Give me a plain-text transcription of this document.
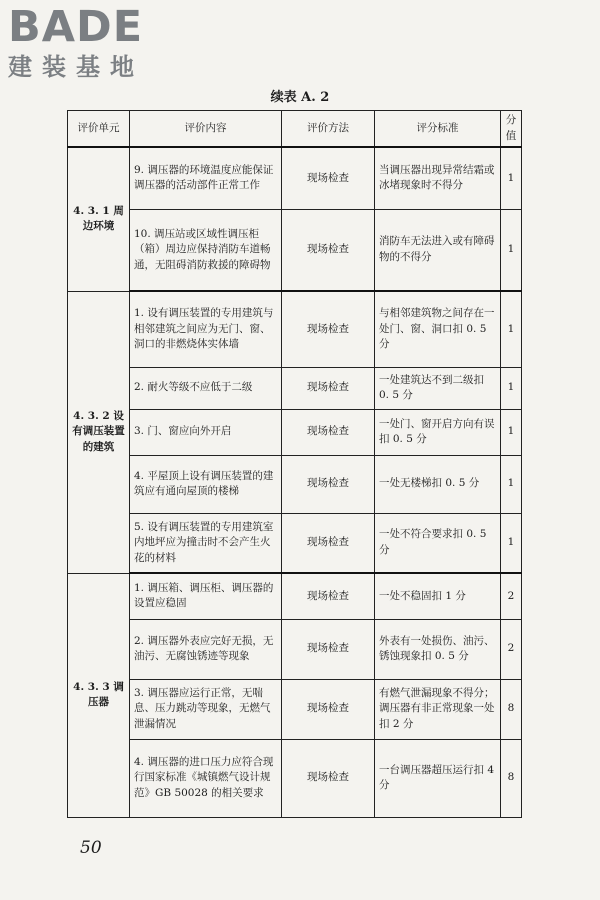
BADE
建装基地
续表 A. 2
评价单元	评价内容	评价方法	评分标准	分值
4. 3. 1 周边环境	9. 调压器的环境温度应能保证调压器的活动部件正常工作	现场检查	当调压器出现异常结霜或冰堵现象时不得分	1
	10. 调压站或区域性调压柜（箱）周边应保持消防车道畅通，无阻碍消防救援的障碍物	现场检查	消防车无法进入或有障碍物的不得分	1
4. 3. 2 设有调压装置的建筑	1. 设有调压装置的专用建筑与相邻建筑之间应为无门、窗、洞口的非燃烧体实体墙	现场检查	与相邻建筑物之间存在一处门、窗、洞口扣 0. 5 分	1
	2. 耐火等级不应低于二级	现场检查	一处建筑达不到二级扣 0. 5 分	1
	3. 门、窗应向外开启	现场检查	一处门、窗开启方向有误扣 0. 5 分	1
	4. 平屋顶上设有调压装置的建筑应有通向屋顶的楼梯	现场检查	一处无楼梯扣 0. 5 分	1
	5. 设有调压装置的专用建筑室内地坪应为撞击时不会产生火花的材料	现场检查	一处不符合要求扣 0. 5 分	1
4. 3. 3 调压器	1. 调压箱、调压柜、调压器的设置应稳固	现场检查	一处不稳固扣 1 分	2
	2. 调压器外表应完好无损，无油污、无腐蚀锈迹等现象	现场检查	外表有一处损伤、油污、锈蚀现象扣 0. 5 分	2
	3. 调压器应运行正常，无喘息、压力跳动等现象，无燃气泄漏情况	现场检查	有燃气泄漏现象不得分；调压器有非正常现象一处扣 2 分	8
	4. 调压器的进口压力应符合现行国家标准《城镇燃气设计规范》GB 50028 的相关要求	现场检查	一台调压器超压运行扣 4 分	8
50
